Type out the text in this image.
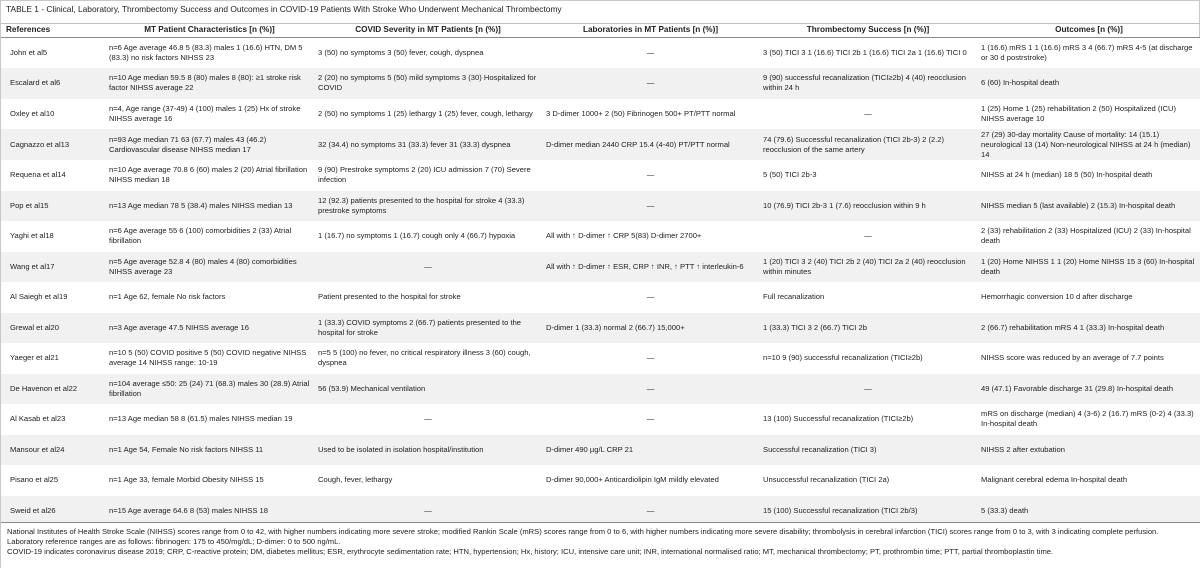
TABLE 1 - Clinical, Laboratory, Thrombectomy Success and Outcomes in COVID-19 Patients With Stroke Who Underwent Mechanical Thrombectomy
References	MT Patient Characteristics [n (%)]	COVID Severity in MT Patients [n (%)]	Laboratories in MT Patients [n (%)]	Thrombectomy Success [n (%)]	Outcomes [n (%)]

John et al5	n=6 Age average 46.8 5 (83.3) males 1 (16.6) HTN, DM 5 (83.3) no risk factors NIHSS 23	3 (50) no symptoms 3 (50) fever, cough, dyspnea	—	3 (50) TICI 3 1 (16.6) TICI 2b 1 (16.6) TICI 2a 1 (16.6) TICI 0	1 (16.6) mRS 1 1 (16.6) mRS 3 4 (66.7) mRS 4-5 (at discharge or 30 d postrstroke)

Escalard et al6	n=10 Age median 59.5 8 (80) males 8 (80): ≥1 stroke risk factor NIHSS average 22	2 (20) no symptoms 5 (50) mild symptoms 3 (30) Hospitalized for COVID	—	9 (90) successful recanalization (TICI≥2b) 4 (40) reocclusion within 24 h	6 (60) In-hospital death

Oxley et al10	n=4, Age range (37-49) 4 (100) males 1 (25) Hx of stroke NIHSS average 16	2 (50) no symptoms 1 (25) lethargy 1 (25) fever, cough, lethargy	3 D-dimer 1000+ 2 (50) Fibrinogen 500+ PT/PTT normal	—	1 (25) Home 1 (25) rehabilitation 2 (50) Hospitalized (ICU) NIHSS average 10

Cagnazzo et al13	n=93 Age median 71 63 (67.7) males 43 (46.2) Cardiovascular disease NIHSS median 17	32 (34.4) no symptoms 31 (33.3) fever 31 (33.3) dyspnea	D-dimer median 2440 CRP 15.4 (4-40) PT/PTT normal	74 (79.6) Successful recanalization (TICI 2b-3) 2 (2.2) reocclusion of the same artery	27 (29) 30-day mortality Cause of mortality: 14 (15.1) neurological 13 (14) Non-neurological NIHSS at 24 h (median) 14

Requena et al14	n=10 Age average 70.8 6 (60) males 2 (20) Atrial fibrillation NIHSS median 18	9 (90) Prestroke symptoms 2 (20) ICU admission 7 (70) Severe infection	—	5 (50) TICI 2b-3	NIHSS at 24 h (median) 18 5 (50) In-hospital death

Pop et al15	n=13 Age median 78 5 (38.4) males NIHSS median 13	12 (92.3) patients presented to the hospital for stroke 4 (33.3) prestroke symptoms	—	10 (76.9) TICI 2b-3 1 (7.6) reocclusion within 9 h	NIHSS median 5 (last available) 2 (15.3) In-hospital death

Yaghi et al18	n=6 Age average 55 6 (100) comorbidities 2 (33) Atrial fibrillation	1 (16.7) no symptoms 1 (16.7) cough only 4 (66.7) hypoxia	All with ↑ D-dimer ↑ CRP 5(83) D-dimer 2700+	—	2 (33) rehabilitation 2 (33) Hospitalized (ICU) 2 (33) In-hospital death

Wang et al17	n=5 Age average 52.8 4 (80) males 4 (80) comorbidities NIHSS average 23	—	All with ↑ D-dimer ↑ ESR, CRP ↑ INR, ↑ PTT ↑ interleukin-6	1 (20) TICI 3 2 (40) TICI 2b 2 (40) TICI 2a 2 (40) reocclusion within minutes	1 (20) Home NIHSS 1 1 (20) Home NIHSS 15 3 (60) In-hospital death

Al Saiegh et al19	n=1 Age 62, female No risk factors	Patient presented to the hospital for stroke	—	Full recanalization	Hemorrhagic conversion 10 d after discharge

Grewal et al20	n=3 Age average 47.5 NIHSS average 16	1 (33.3) COVID symptoms 2 (66.7) patients presented to the hospital for stroke	D-dimer 1 (33.3) normal 2 (66.7) 15,000+	1 (33.3) TICI 3 2 (66.7) TICI 2b	2 (66.7) rehabilitation mRS 4 1 (33.3) In-hospital death

Yaeger et al21	n=10 5 (50) COVID positive 5 (50) COVID negative NIHSS average 14 NIHSS range: 10-19	n=5 5 (100) no fever, no critical respiratory illness 3 (60) cough, dyspnea	—	n=10 9 (90) successful recanalization (TICI≥2b)	NIHSS score was reduced by an average of 7.7 points

De Havenon et al22	n=104 average ≤50: 25 (24) 71 (68.3) males 30 (28.9) Atrial fibrillation	56 (53.9) Mechanical ventilation	—	—	49 (47.1) Favorable discharge 31 (29.8) In-hospital death

Al Kasab et al23	n=13 Age median 58 8 (61.5) males NIHSS median 19	—	—	13 (100) Successful recanalization (TICI≥2b)	mRS on discharge (median) 4 (3-6) 2 (16.7) mRS (0-2) 4 (33.3) In-hospital death

Mansour et al24	n=1 Age 54, Female No risk factors NIHSS 11	Used to be isolated in isolation hospital/institution	D-dimer 490 µg/L CRP 21	Successful recanalization (TICI 3)	NIHSS 2 after extubation

Pisano et al25	n=1 Age 33, female Morbid Obesity NIHSS 15	Cough, fever, lethargy	D-dimer 90,000+ Anticardiolipin IgM mildly elevated	Unsuccessful recanalization (TICI 2a)	Malignant cerebral edema In-hospital death

Sweid et al26	n=15 Age average 64.6 8 (53) males NIHSS 18	—	—	15 (100) Successful recanalization (TICI 2b/3)	5 (33.3) death

National Institutes of Health Stroke Scale (NIHSS) scores range from 0 to 42, with higher numbers indicating more severe stroke; modified Rankin Scale (mRS) scores range from 0 to 6, with higher numbers indicating more severe disability; thrombolysis in cerebral infarction (TICI) scores range from 0 to 3, with 3 indicating complete perfusion. Laboratory reference ranges are as follows: fibrinogen: 175 to 450/mg/dL; D-dimer: 0 to 500 ng/mL.

COVID-19 indicates coronavirus disease 2019; CRP, C-reactive protein; DM, diabetes mellitus; ESR, erythrocyte sedimentation rate; HTN, hypertension; Hx, history; ICU, intensive care unit; INR, international normalised ratio; MT, mechanical thrombectomy; PT, prothrombin time; PTT, partial thromboplastin time.
